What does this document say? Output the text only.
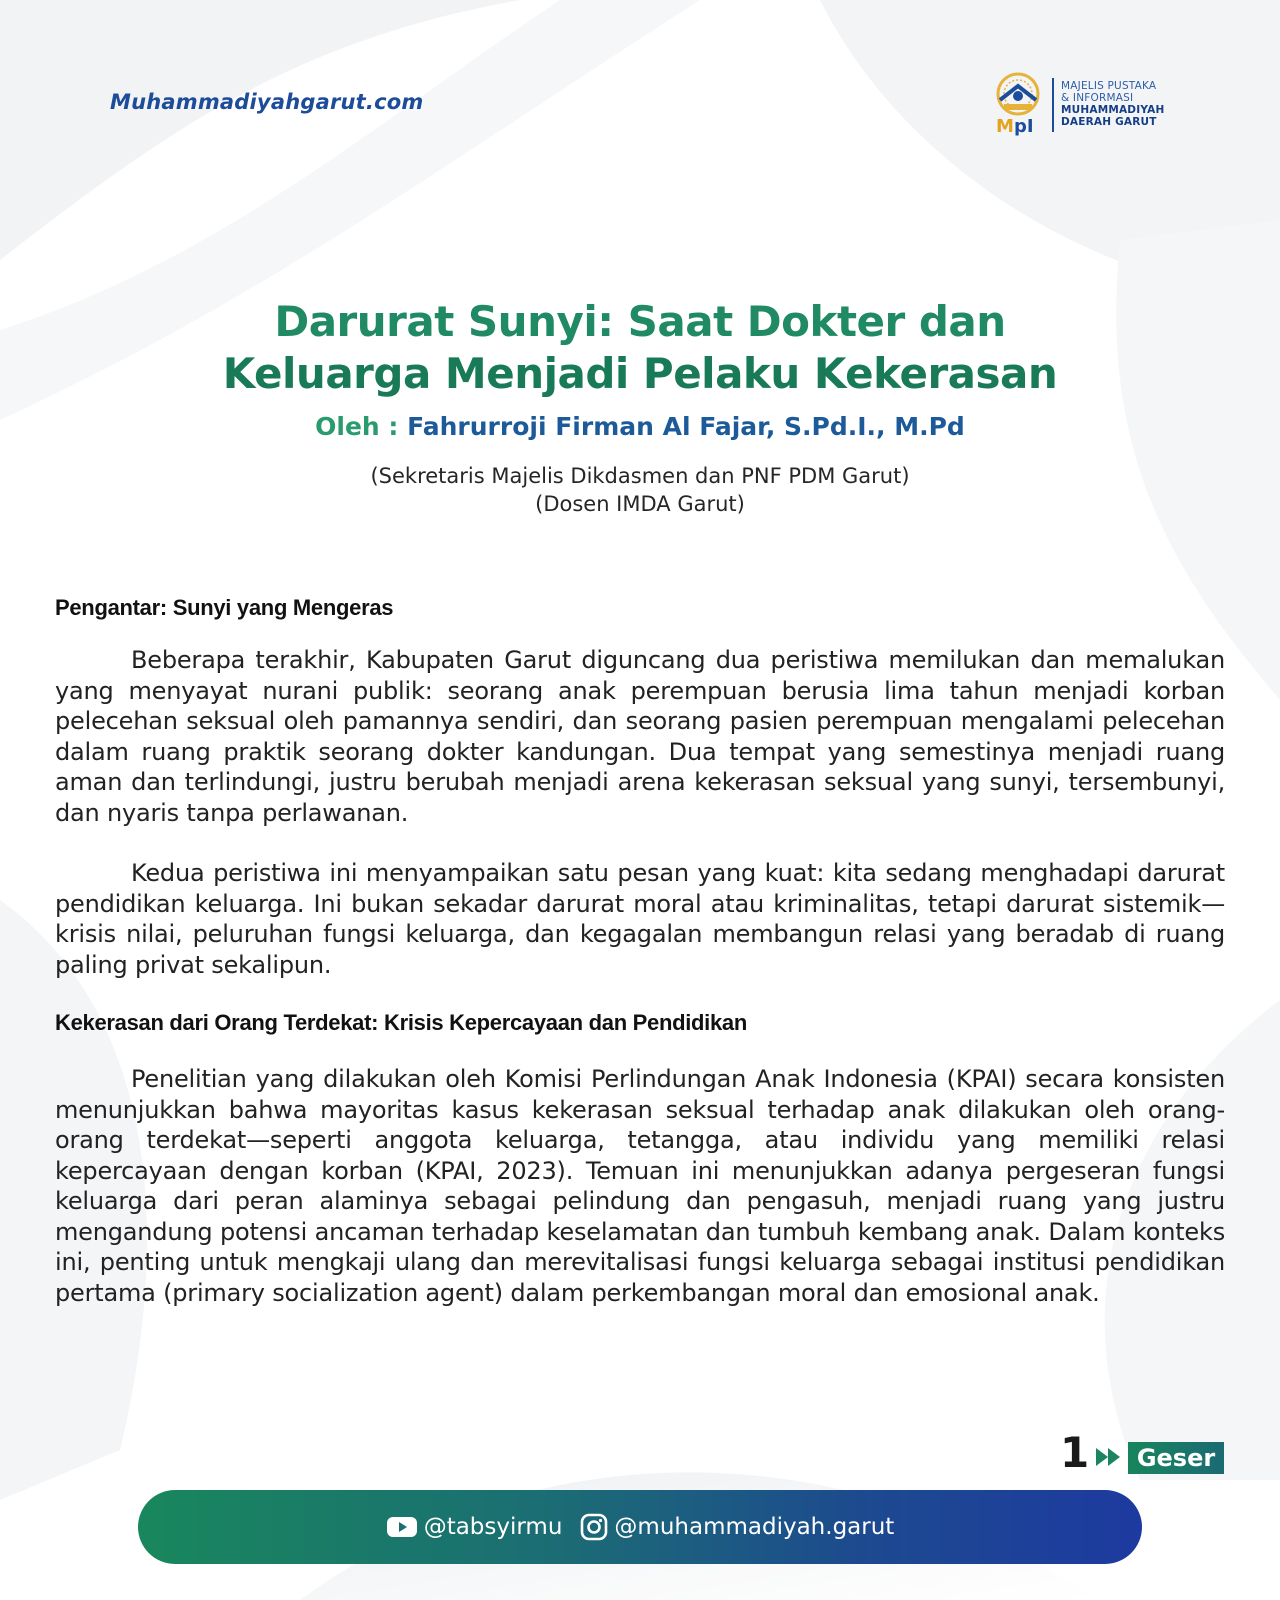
Muhammadiyahgarut.com
M pI
MAJELIS PUSTAKA
& INFORMASI
MUHAMMADIYAH
DAERAH GARUT
Darurat Sunyi: Saat Dokter dan
Keluarga Menjadi Pelaku Kekerasan
Oleh : Fahrurroji Firman Al Fajar, S.Pd.I., M.Pd
(Sekretaris Majelis Dikdasmen dan PNF PDM Garut)
(Dosen IMDA Garut)
Pengantar: Sunyi yang Mengeras

Beberapa terakhir, Kabupaten Garut diguncang dua peristiwa memilukan dan memalukan yang menyayat nurani publik: seorang anak perempuan berusia lima tahun menjadi korban pelecehan seksual oleh pamannya sendiri, dan seorang pasien perempuan mengalami pelecehan dalam ruang praktik seorang dokter kandungan. Dua tempat yang semestinya menjadi ruang aman dan terlindungi, justru berubah menjadi arena kekerasan seksual yang sunyi, tersembunyi, dan nyaris tanpa perlawanan.

Kedua peristiwa ini menyampaikan satu pesan yang kuat: kita sedang menghadapi darurat pendidikan keluarga. Ini bukan sekadar darurat moral atau kriminalitas, tetapi darurat sistemik—krisis nilai, peluruhan fungsi keluarga, dan kegagalan membangun relasi yang beradab di ruang paling privat sekalipun.

Kekerasan dari Orang Terdekat: Krisis Kepercayaan dan Pendidikan

Penelitian yang dilakukan oleh Komisi Perlindungan Anak Indonesia (KPAI) secara konsisten menunjukkan bahwa mayoritas kasus kekerasan seksual terhadap anak dilakukan oleh orang-orang terdekat—seperti anggota keluarga, tetangga, atau individu yang memiliki relasi kepercayaan dengan korban (KPAI, 2023). Temuan ini menunjukkan adanya pergeseran fungsi keluarga dari peran alaminya sebagai pelindung dan pengasuh, menjadi ruang yang justru mengandung potensi ancaman terhadap keselamatan dan tumbuh kembang anak. Dalam konteks ini, penting untuk mengkaji ulang dan merevitalisasi fungsi keluarga sebagai institusi pendidikan pertama (primary socialization agent) dalam perkembangan moral dan emosional anak.

1	Geser
@tabsyirmu @muhammadiyah.garut
